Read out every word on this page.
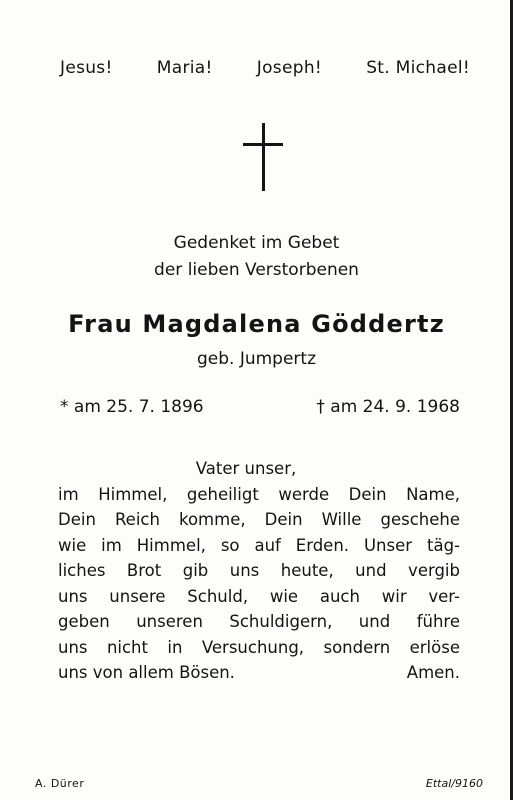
Jesus!	Maria!	Joseph!	St. Michael!
Gedenket im Gebet
der lieben Verstorbenen
Frau Magdalena Göddertz
geb. Jumpertz
* am 25. 7. 1896	† am 24. 9. 1968
Vater unser,
im Himmel, geheiligt werde Dein Name,
Dein Reich komme, Dein Wille geschehe
wie im Himmel, so auf Erden. Unser täg-
liches Brot gib uns heute, und vergib
uns unsere Schuld, wie auch wir ver-
geben unseren Schuldigern, und führe
uns nicht in Versuchung, sondern erlöse
uns von allem Bösen.	Amen.
A. Dürer	Ettal/9160
